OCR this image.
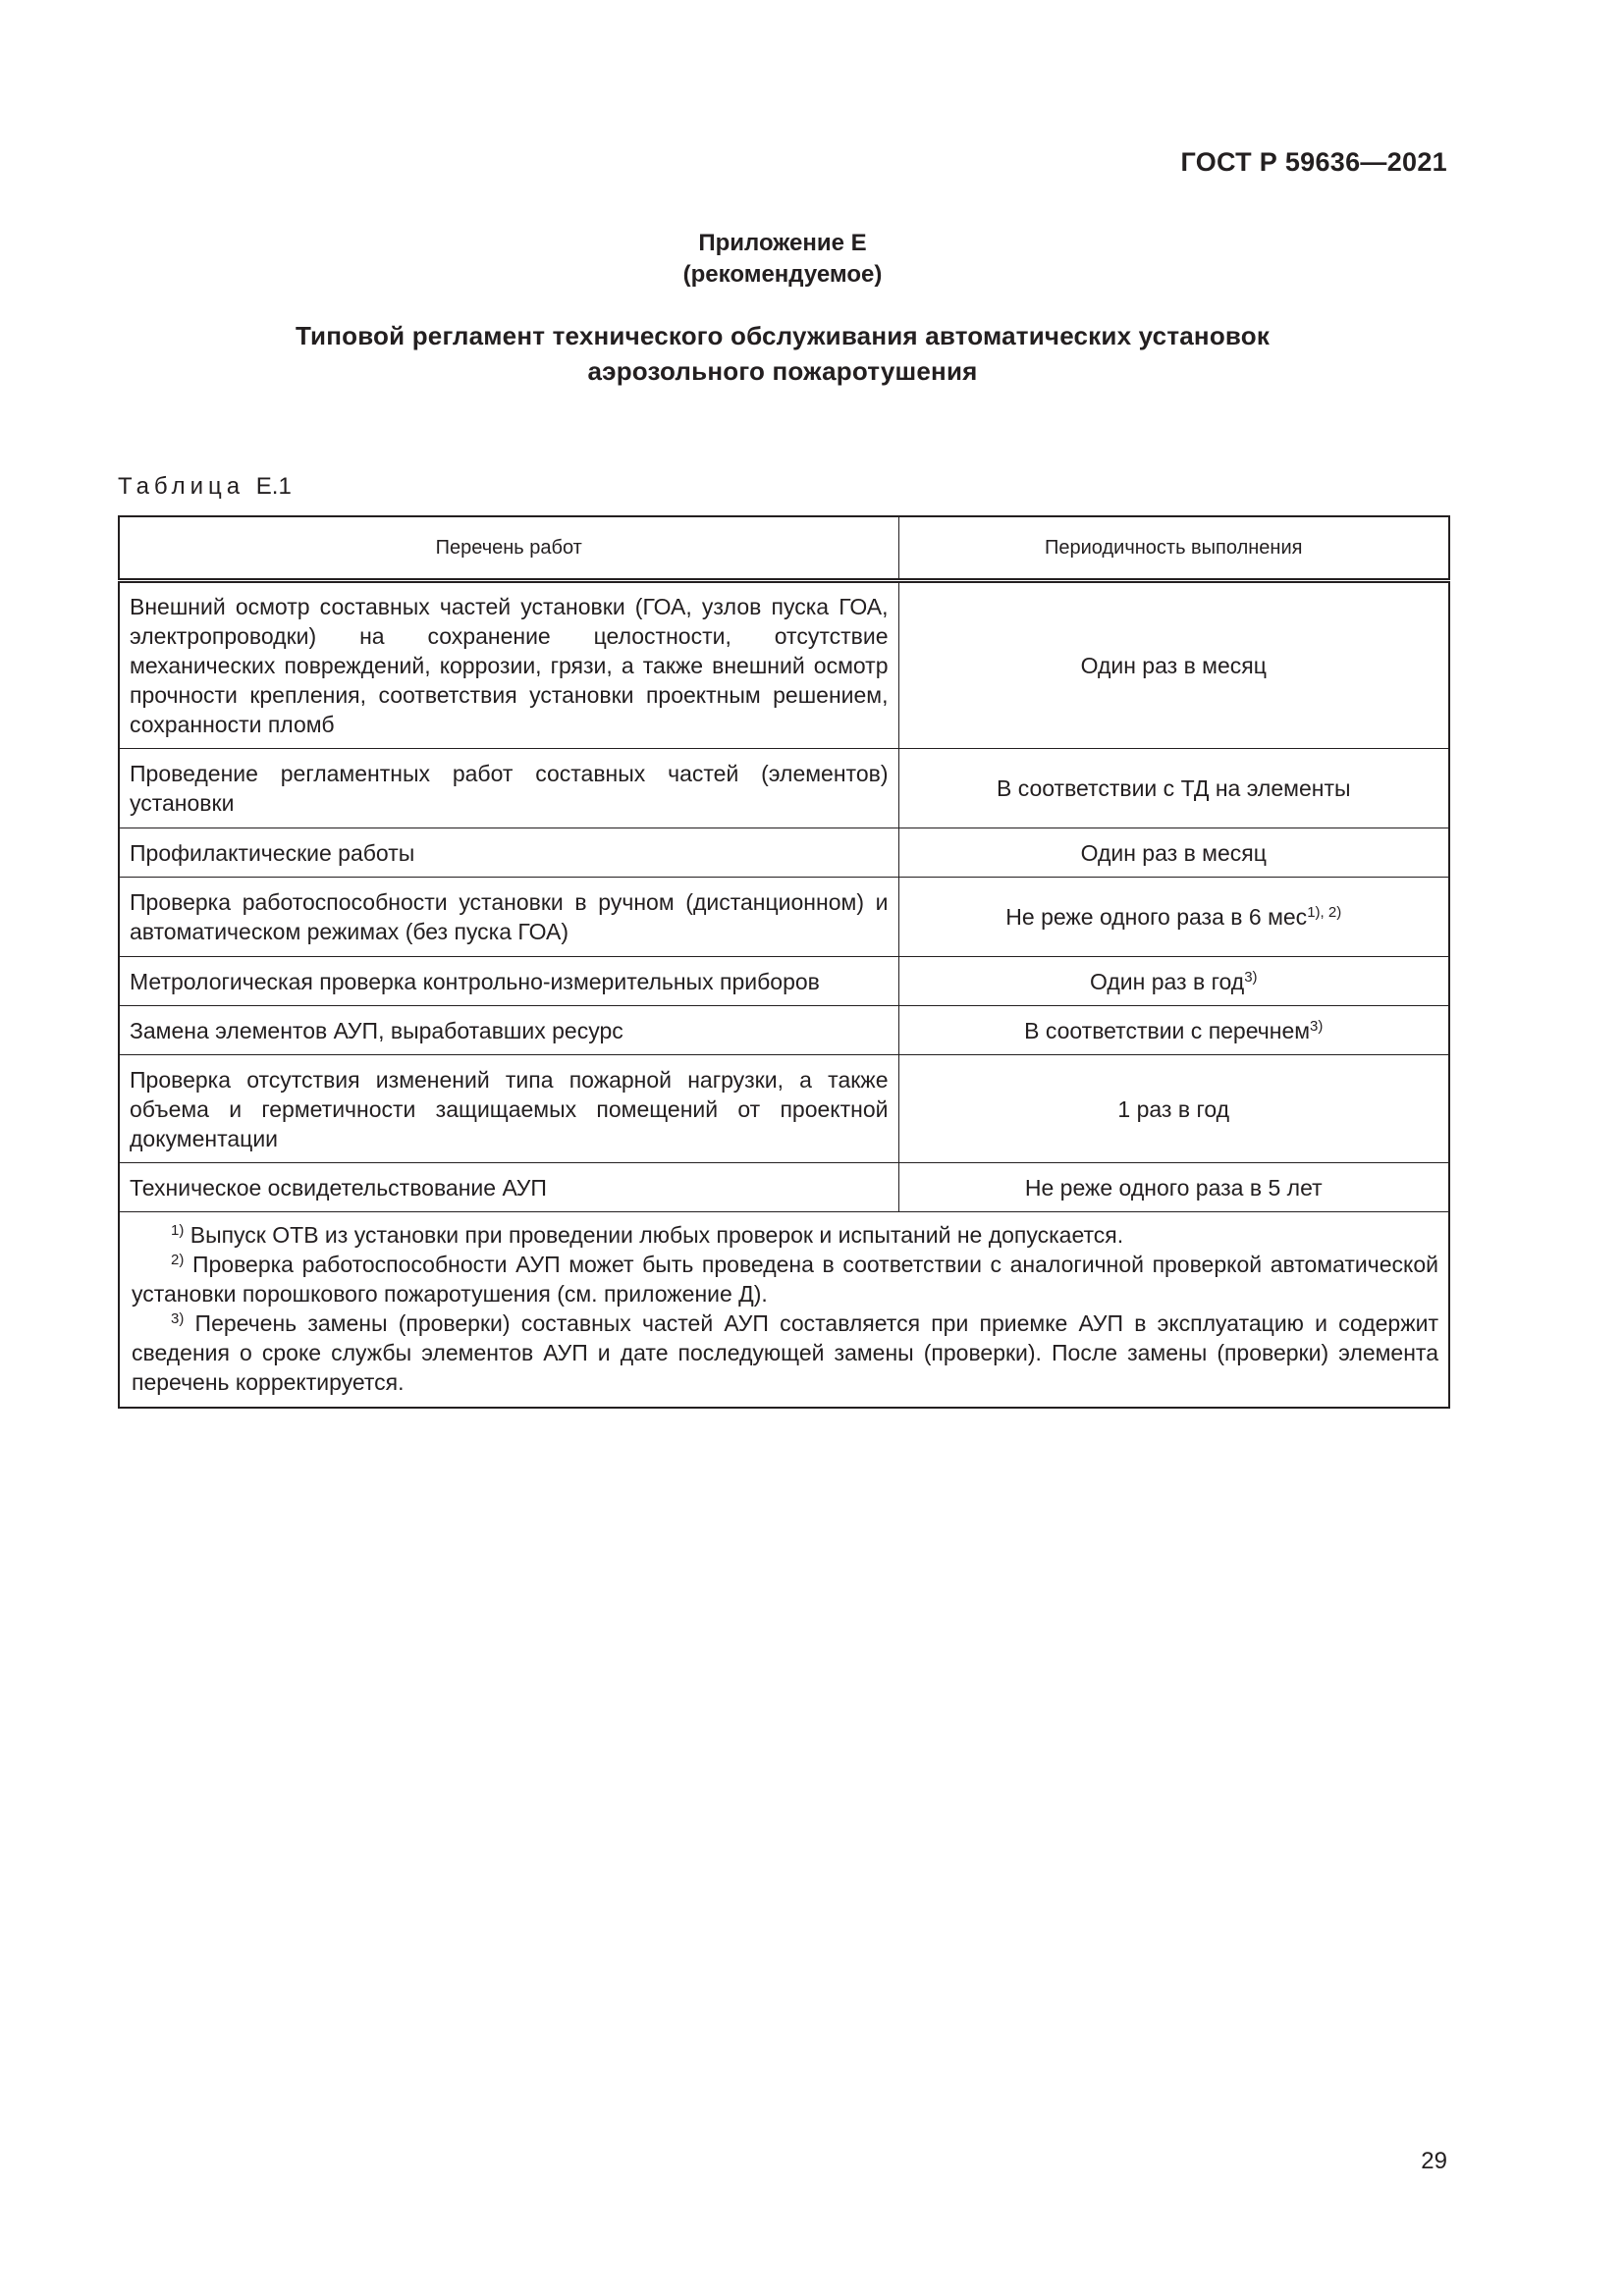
ГОСТ Р 59636—2021
Приложение Е
(рекомендуемое)
Типовой регламент технического обслуживания автоматических установок
аэрозольного пожаротушения
Таблица Е.1
Перечень работ	Периодичность выполнения
Внешний осмотр составных частей установки (ГОА, узлов пуска ГОА, электропроводки) на сохранение целостности, отсутствие механических повреждений, коррозии, грязи, а также внешний осмотр прочности крепления, соответствия установки проектным решением, сохранности пломб	Один раз в месяц
Проведение регламентных работ составных частей (элементов) установки	В соответствии с ТД на элементы
Профилактические работы	Один раз в месяц
Проверка работоспособности установки в ручном (дистанционном) и автоматическом режимах (без пуска ГОА)	Не реже одного раза в 6 мес$^{1), 2)}$
Метрологическая проверка контрольно-измерительных приборов	Один раз в год$^{3)}$
Замена элементов АУП, выработавших ресурс	В соответствии с перечнем$^{3)}$
Проверка отсутствия изменений типа пожарной нагрузки, а также объема и герметичности защищаемых помещений от проектной документации	1 раз в год
Техническое освидетельствование АУП	Не реже одного раза в 5 лет

$^{1)}$ Выпуск ОТВ из установки при проведении любых проверок и испытаний не допускается.
$^{2)}$ Проверка работоспособности АУП может быть проведена в соответствии с аналогичной проверкой автоматической установки порошкового пожаротушения (см. приложение Д).
$^{3)}$ Перечень замены (проверки) составных частей АУП составляется при приемке АУП в эксплуатацию и содержит сведения о сроке службы элементов АУП и дате последующей замены (проверки). После замены (проверки) элемента перечень корректируется.	
29
